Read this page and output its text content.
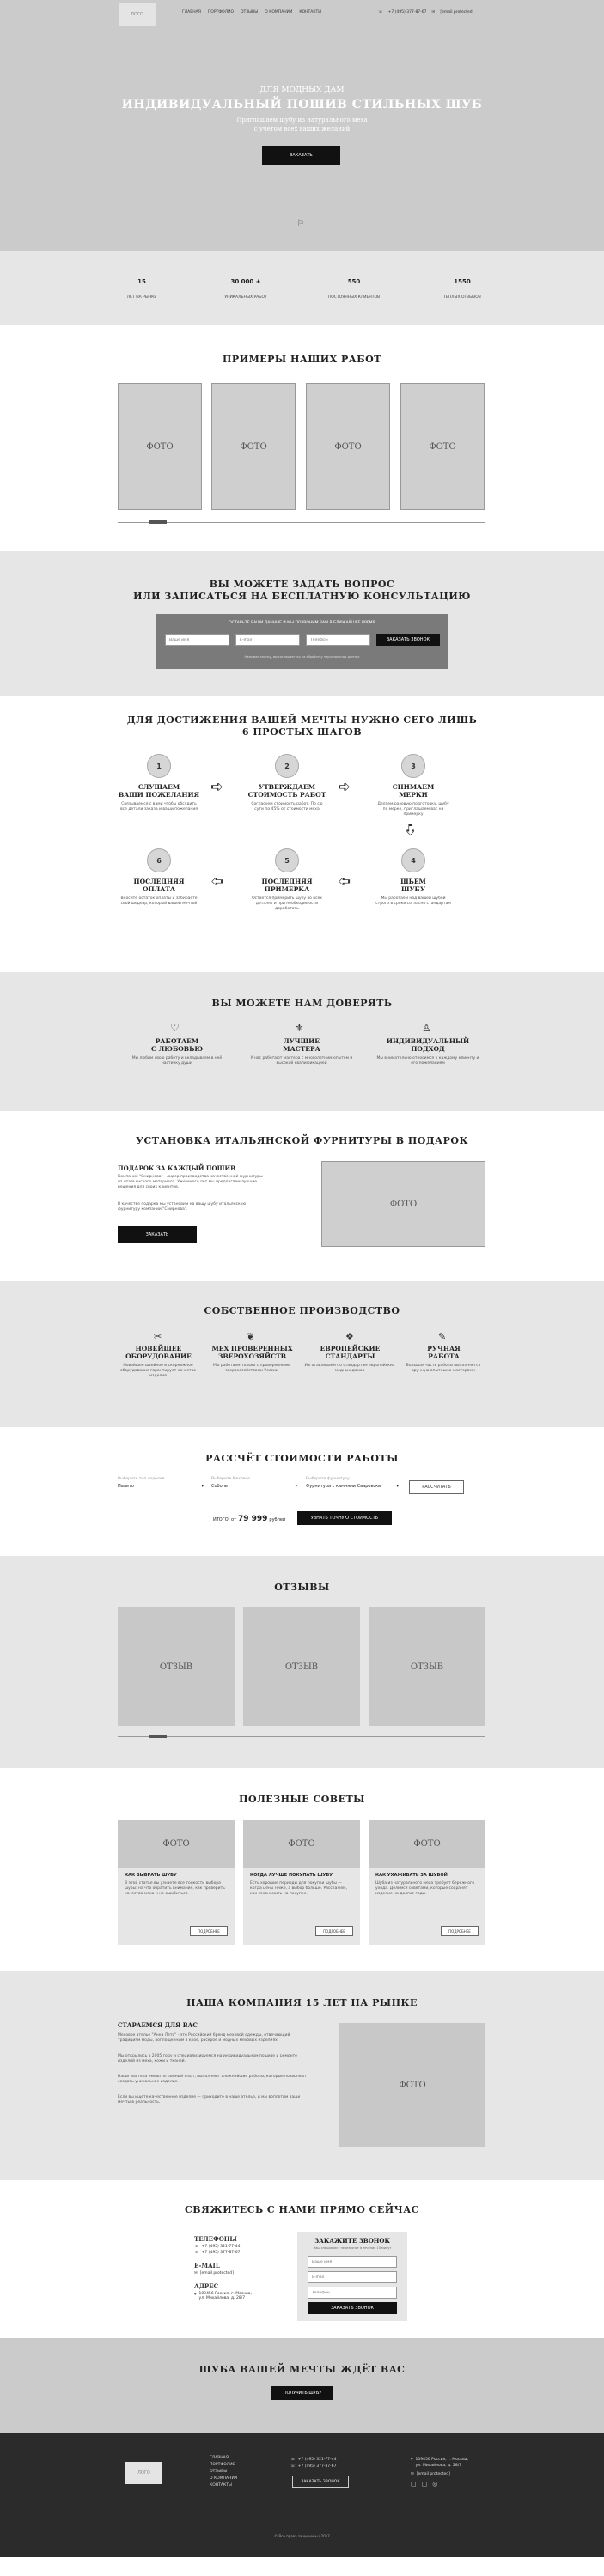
ЛОГО	ГЛАВНАЯ ПОРТФОЛИО ОТЗЫВЫ О КОМПАНИИ КОНТАКТЫ	☏ +7 (495) 377-87-67 ✉ [email protected]
ДЛЯ МОДНЫХ ДАМ
ИНДИВИДУАЛЬНЫЙ ПОШИВ СТИЛЬНЫХ ШУБ
Приглашаем шубу из натурального меха
с учетом всех ваших желаний
ЗАКАЗАТЬ
⚐
15
ЛЕТ НА РЫНКЕ
30 000 +
УНИКАЛЬНЫХ РАБОТ
550
ПОСТОЯННЫХ КЛИЕНТОВ
1550
ТЕПЛЫХ ОТЗЫВОВ
ПРИМЕРЫ НАШИХ РАБОТ
ФОТО	ФОТО	ФОТО	ФОТО
ВЫ МОЖЕТЕ ЗАДАТЬ ВОПРОС
ИЛИ ЗАПИСАТЬСЯ НА БЕСПЛАТНУЮ КОНСУЛЬТАЦИЮ
ОСТАВЬТЕ ВАШИ ДАННЫЕ И МЫ ПОЗВОНИМ ВАМ В БЛИЖАЙШЕЕ ВРЕМЯ
Ваше имя
E-mail
Телефон
ЗАКАЗАТЬ ЗВОНОК
Нажимая кнопку, вы соглашаетесь на обработку персональных данных
ДЛЯ ДОСТИЖЕНИЯ ВАШЕЙ МЕЧТЫ НУЖНО СЕГО ЛИШЬ
6 ПРОСТЫХ ШАГОВ
1
СЛУШАЕМ
ВАШИ ПОЖЕЛАНИЯ
Связываемся с вами чтобы обсудить все детали заказа и ваши пожелания
➪
2
УТВЕРЖДАЕМ
СТОИМОСТЬ РАБОТ
Согласуем стоимость работ. По сю сути по 45% от стоимости меха
➪
3
СНИМАЕМ
МЕРКИ
Делаем разовую подготовку, шубу по мерке, приглашаем вас на примерку
➪
6
ПОСЛЕДНЯЯ
ОПЛАТА
Вносите остаток оплаты и забираете свой шедевр, который вашей мечтой
➪
5
ПОСЛЕДНЯЯ
ПРИМЕРКА
Остается примерить шубу во всех деталях и при необходимости доработать
➪
4
ШЬЁМ
ШУБУ
Мы работаем над вашей шубой строго в сроки согласно стандартам
ВЫ МОЖЕТЕ НАМ ДОВЕРЯТЬ
♡
РАБОТАЕМ
С ЛЮБОВЬЮ
Мы любим свою работу и вкладываем в неё частичку души
⚜
ЛУЧШИЕ
МАСТЕРА
У нас работают мастера с многолетним опытом и высокой квалификацией
♙
ИНДИВИДУАЛЬНЫЙ
ПОДХОД
Мы внимательно относимся к каждому клиенту и его пожеланиям
УСТАНОВКА ИТАЛЬЯНСКОЙ ФУРНИТУРЫ В ПОДАРОК
ПОДАРОК ЗА КАЖДЫЙ ПОШИВ
Компания "Смирнова" - лидер производства качественной фурнитуры из итальянского материала. Уже много лет мы предлагаем лучшие решения для своих клиентов.
В качестве подарка мы установим на вашу шубу итальянскую фурнитуру компании "Смирнова".
ЗАКАЗАТЬ
ФОТО
СОБСТВЕННОЕ ПРОИЗВОДСТВО
✂
НОВЕЙШЕЕ
ОБОРУДОВАНИЕ
Новейшее швейное и скорняжное оборудование гарантирует качество изделия
❦
МЕХ ПРОВЕРЕННЫХ
ЗВЕРОХОЗЯЙСТВ
Мы работаем только с проверенными зверохозяйствами России
❖
ЕВРОПЕЙСКИЕ
СТАНДАРТЫ
Изготавливаем по стандартам европейских модных домов
✎
РУЧНАЯ
РАБОТА
Большая часть работы выполняется вручную опытными мастерами
РАССЧЁТ СТОИМОСТИ РАБОТЫ
Выберите тип изделия
Пальто	▾
Выберите Меховое
Соболь	▾
Выберите фурнитуру
Фурнитура с камнями Сваровски	▾	РАССЧИТАТЬ
ИТОГО: от 79 999 рублей	УЗНАТЬ ТОЧНУЮ СТОИМОСТЬ
ОТЗЫВЫ
ОТЗЫВ	ОТЗЫВ	ОТЗЫВ
ПОЛЕЗНЫЕ СОВЕТЫ
ФОТО
КАК ВЫБРАТЬ ШУБУ
В этой статье вы узнаете все тонкости выбора шубы: на что обратить внимание, как проверить качество меха и не ошибиться.
ПОДРОБНЕЕ
ФОТО
КОГДА ЛУЧШЕ ПОКУПАТЬ ШУБУ
Есть хорошие периоды для покупки шубы — когда цены ниже, а выбор больше. Расскажем, как сэкономить на покупке.
ПОДРОБНЕЕ
ФОТО
КАК УХАЖИВАТЬ ЗА ШУБОЙ
Шуба из натурального меха требует бережного ухода. Делимся советами, которые сохранят изделие на долгие годы.
ПОДРОБНЕЕ
НАША КОМПАНИЯ 15 ЛЕТ НА РЫНКЕ
СТАРАЕМСЯ ДЛЯ ВАС
Меховое ателье "Анна Лето" - это Российский бренд меховой одежды, отвечающий традициям моды, воплощенным в крое, раскрое и модных меховых изделиях.
Мы открылись в 2005 году и специализируемся на индивидуальном пошиве и ремонте изделий из меха, кожи и тканей.
Наши мастера имеют огромный опыт, выполняют сложнейшие работы, которые позволяют создать уникальное изделие.
Если вы ищете качественное изделие — приходите в наше ателье, и мы воплотим ваши мечты в реальность.
ФОТО
СВЯЖИТЕСЬ С НАМИ ПРЯМО СЕЙЧАС
ТЕЛЕФОНЫ
☏ +7 (495) 321-77-44
☏ +7 (495) 377-87-67
E-MAIL
✉ [email protected]
АДРЕС
⌖ 109456 Россия, г. Москва,
ул. Михайлова, д. 28/7
ЗАКАЖИТЕ ЗВОНОК
Наш специалист перезвонит в течение 10 минут
Ваше имя
E-mail
Телефон
ЗАКАЗАТЬ ЗВОНОК
ШУБА ВАШЕЙ МЕЧТЫ ЖДЁТ ВАС
ПОЛУЧИТЬ ШУБУ
ЛОГО
ГЛАВНАЯ
ПОРТФОЛИО
ОТЗЫВЫ
О КОМПАНИИ
КОНТАКТЫ
☏ +7 (495) 321-77-44
☏ +7 (495) 377-87-67
ЗАКАЗАТЬ ЗВОНОК
⌖ 109456 Россия, г. Москва,
ул. Михайлова, д. 28/7
✉ [email protected]
▢ ▢ ◎
© Все права защищены / 2017
